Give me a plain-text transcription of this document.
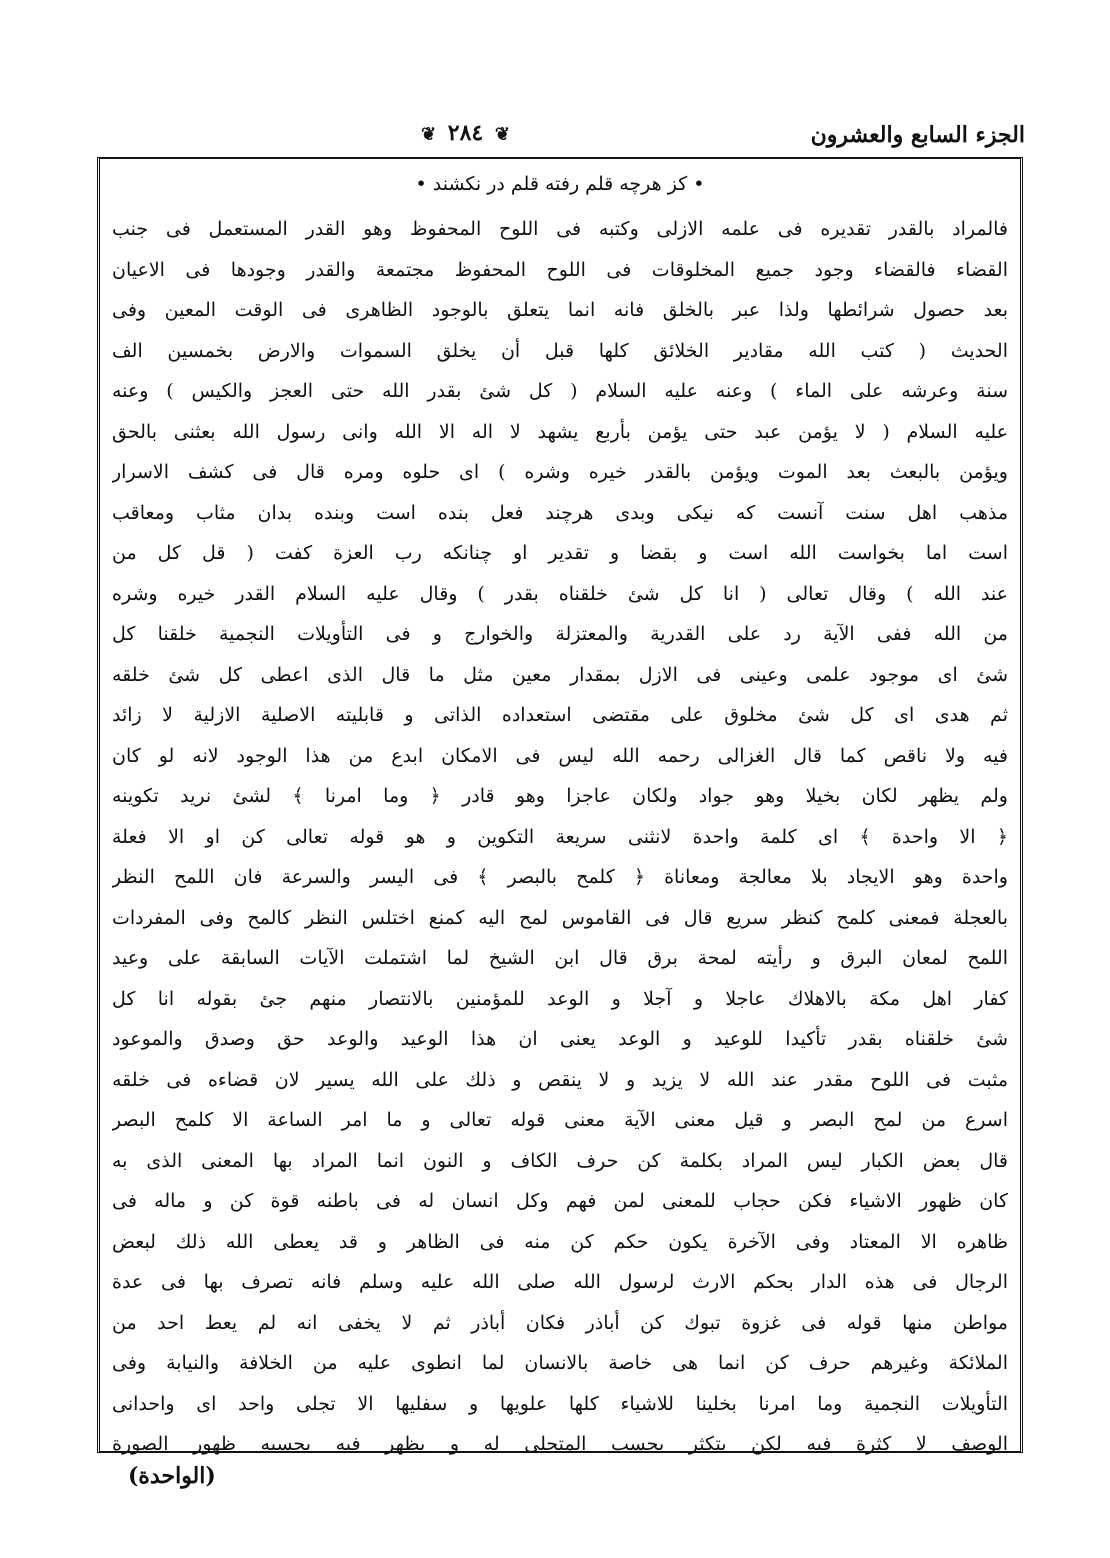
الجزء السابع والعشرون
❦ ٢٨٤ ❦
• كز هرچه قلم رفته قلم در نكشند •
فالمراد بالقدر تقديره فى علمه الازلى وكتبه فى اللوح المحفوظ وهو القدر المستعمل فى جنب
القضاء فالقضاء وجود جميع المخلوقات فى اللوح المحفوظ مجتمعة والقدر وجودها فى الاعيان
بعد حصول شرائطها ولذا عبر بالخلق فانه انما يتعلق بالوجود الظاهرى فى الوقت المعين وفى
الحديث ( كتب الله مقادير الخلائق كلها قبل أن يخلق السموات والارض بخمسين الف
سنة وعرشه على الماء ) وعنه عليه السلام ( كل شئ بقدر الله حتى العجز والكيس ) وعنه
عليه السلام ( لا يؤمن عبد حتى يؤمن بأربع يشهد لا اله الا الله وانى رسول الله بعثنى بالحق
ويؤمن بالبعث بعد الموت ويؤمن بالقدر خيره وشره ) اى حلوه ومره قال فى كشف الاسرار
مذهب اهل سنت آنست كه نيكى وبدى هرچند فعل بنده است وبنده بدان مثاب ومعاقب
است اما بخواست الله است و بقضا و تقدير او چنانكه رب العزة كفت ( قل كل من
عند الله ) وقال تعالى ( انا كل شئ خلقناه بقدر ) وقال عليه السلام القدر خيره وشره
من الله ففى الآية رد على القدرية والمعتزلة والخوارج و فى التأويلات النجمية خلقنا كل
شئ اى موجود علمى وعينى فى الازل بمقدار معين مثل ما قال الذى اعطى كل شئ خلقه
ثم هدى اى كل شئ مخلوق على مقتضى استعداده الذاتى و قابليته الاصلية الازلية لا زائد
فيه ولا ناقص كما قال الغزالى رحمه الله ليس فى الامكان ابدع من هذا الوجود لانه لو كان
ولم يظهر لكان بخيلا وهو جواد ولكان عاجزا وهو قادر ﴿ وما امرنا ﴾ لشئ نريد تكوينه
﴿ الا واحدة ﴾ اى كلمة واحدة لانثنى سريعة التكوين و هو قوله تعالى كن او الا فعلة
واحدة وهو الايجاد بلا معالجة ومعاناة ﴿ كلمح بالبصر ﴾ فى اليسر والسرعة فان اللمح النظر
بالعجلة فمعنى كلمح كنظر سريع قال فى القاموس لمح اليه كمنع اختلس النظر كالمح وفى المفردات
اللمح لمعان البرق و رأيته لمحة برق قال ابن الشيخ لما اشتملت الآيات السابقة على وعيد
كفار اهل مكة بالاهلاك عاجلا و آجلا و الوعد للمؤمنين بالانتصار منهم جئ بقوله انا كل
شئ خلقناه بقدر تأكيدا للوعيد و الوعد يعنى ان هذا الوعيد والوعد حق وصدق والموعود
مثبت فى اللوح مقدر عند الله لا يزيد و لا ينقص و ذلك على الله يسير لان قضاءه فى خلقه
اسرع من لمح البصر و قيل معنى الآية معنى قوله تعالى و ما امر الساعة الا كلمح البصر
قال بعض الكبار ليس المراد بكلمة كن حرف الكاف و النون انما المراد بها المعنى الذى به
كان ظهور الاشياء فكن حجاب للمعنى لمن فهم وكل انسان له فى باطنه قوة كن و ماله فى
ظاهره الا المعتاد وفى الآخرة يكون حكم كن منه فى الظاهر و قد يعطى الله ذلك لبعض
الرجال فى هذه الدار بحكم الارث لرسول الله صلى الله عليه وسلم فانه تصرف بها فى عدة
مواطن منها قوله فى غزوة تبوك كن أباذر فكان أباذر ثم لا يخفى انه لم يعط احد من
الملائكة وغيرهم حرف كن انما هى خاصة بالانسان لما انطوى عليه من الخلافة والنيابة وفى
التأويلات النجمية وما امرنا بخلينا للاشياء كلها علويها و سفليها الا تجلى واحد اى واحدانى
الوصف لا كثرة فيه لكن يتكثر بحسب المتجلى له و يظهر فيه بحسبه ظهور الصورة
(الواحدة)
